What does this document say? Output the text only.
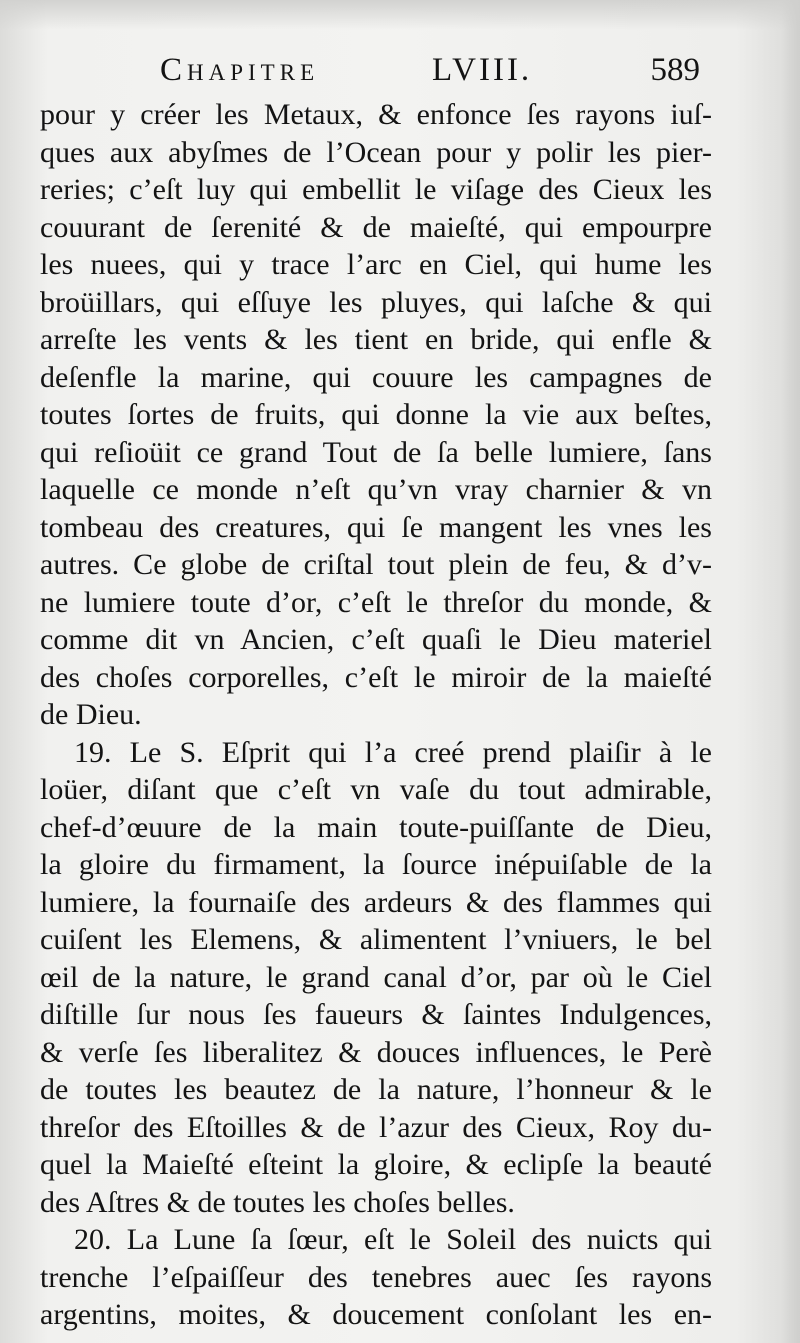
Chapitre	LVIII.	589
pour y créer les Metaux, & enfonce ſes rayons iuſ-
ques aux abyſmes de l’Ocean pour y polir les pier-
reries; c’eſt luy qui embellit le viſage des Cieux les
couurant de ſerenité & de maieſté, qui empourpre
les nuees, qui y trace l’arc en Ciel, qui hume les
broüillars, qui eſſuye les pluyes, qui laſche & qui
arreſte les vents & les tient en bride, qui enfle &
deſenfle la marine, qui couure les campagnes de
toutes ſortes de fruits, qui donne la vie aux beſtes,
qui reſioüit ce grand Tout de ſa belle lumiere, ſans
laquelle ce monde n’eſt qu’vn vray charnier & vn
tombeau des creatures, qui ſe mangent les vnes les
autres. Ce globe de criſtal tout plein de feu, & d’v-
ne lumiere toute d’or, c’eſt le threſor du monde, &
comme dit vn Ancien, c’eſt quaſi le Dieu materiel
des choſes corporelles, c’eſt le miroir de la maieſté
de Dieu.
19. Le S. Eſprit qui l’a creé prend plaiſir à le
loüer, diſant que c’eſt vn vaſe du tout admirable,
chef-d’œuure de la main toute-puiſſante de Dieu,
la gloire du firmament, la ſource inépuiſable de la
lumiere, la fournaiſe des ardeurs & des flammes qui
cuiſent les Elemens, & alimentent l’vniuers, le bel
œil de la nature, le grand canal d’or, par où le Ciel
diſtille ſur nous ſes faueurs & ſaintes Indulgences,
& verſe ſes liberalitez & douces influences, le Perè
de toutes les beautez de la nature, l’honneur & le
threſor des Eſtoilles & de l’azur des Cieux, Roy du-
quel la Maieſté eſteint la gloire, & eclipſe la beauté
des Aſtres & de toutes les choſes belles.
20. La Lune ſa ſœur, eſt le Soleil des nuicts qui
trenche l’eſpaiſſeur des tenebres auec ſes rayons
argentins, moites, & doucement conſolant les en-
